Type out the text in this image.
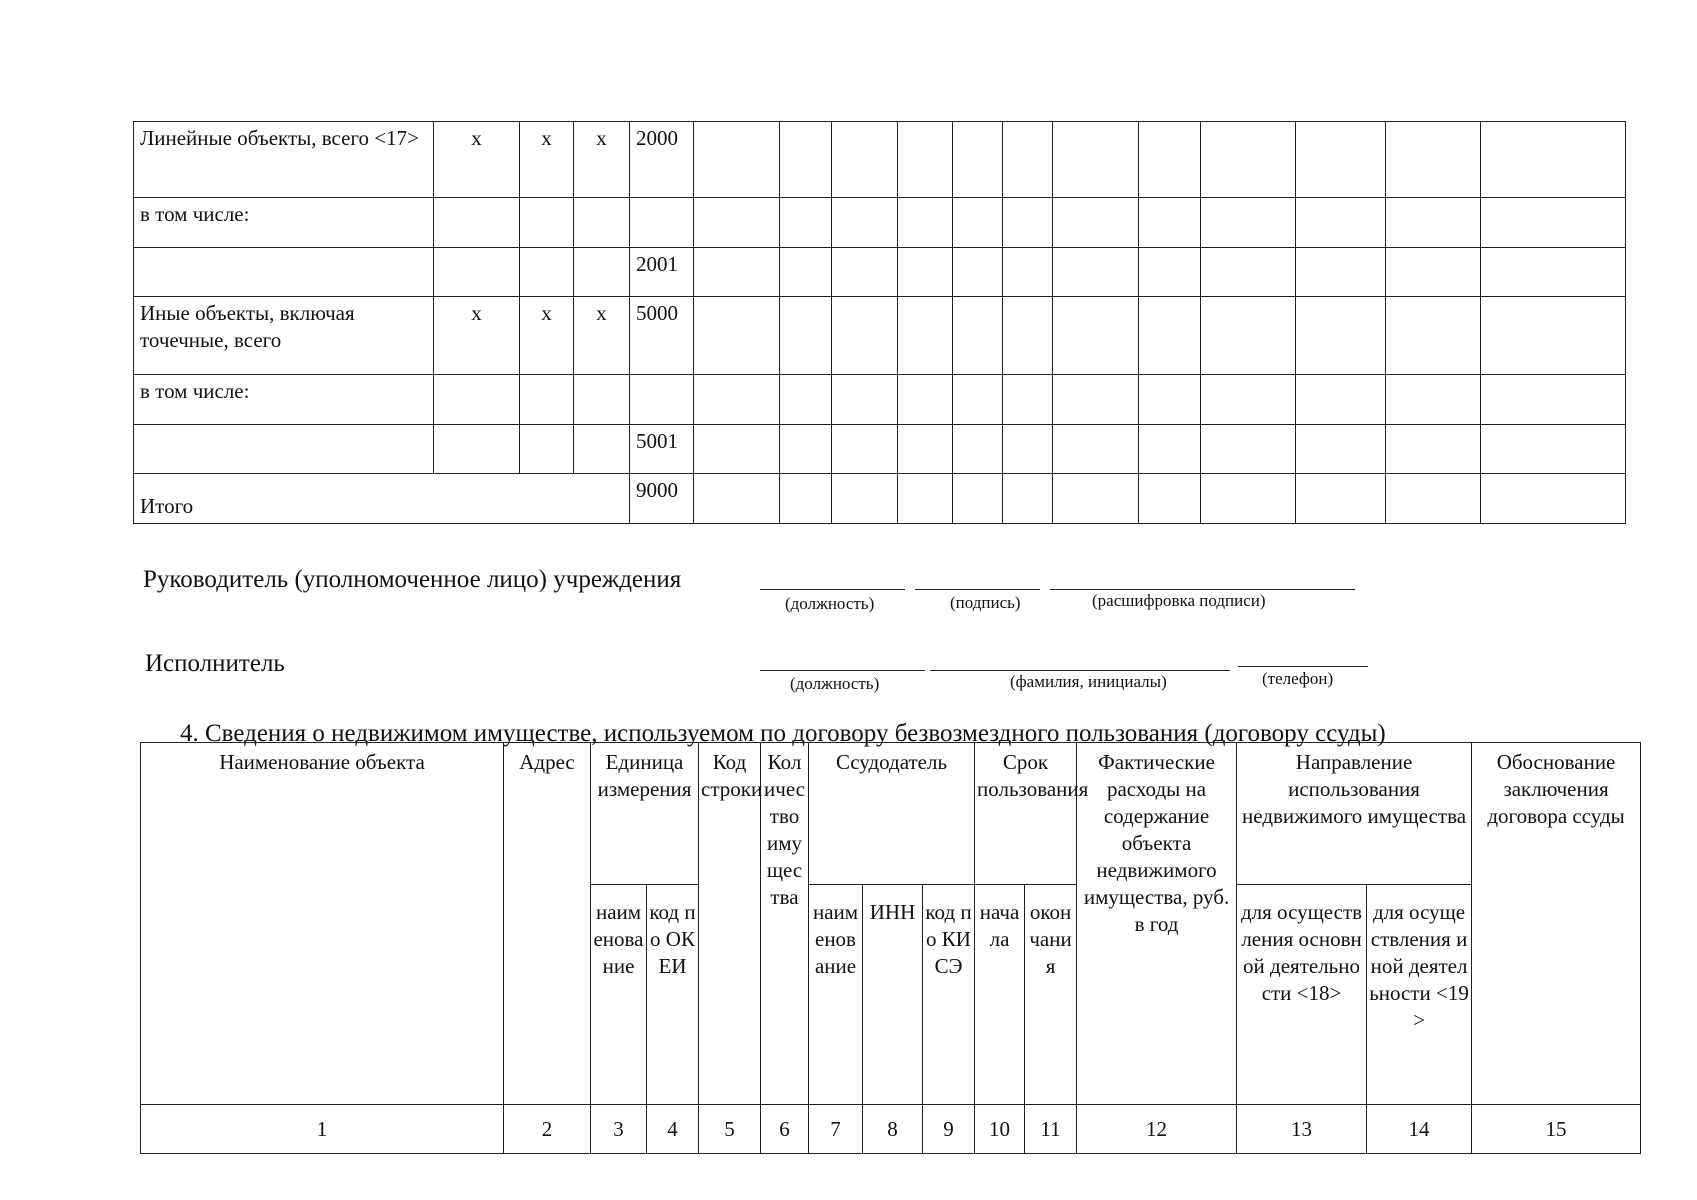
Линейные объекты, всего <17>	x	x	x	2000												
в том числе:																
				2001												
Иные объекты, включая точечные, всего	x	x	x	5000												
в том числе:																
				5001												
Итого				9000												
Руководитель (уполномоченное лицо) учреждения
(должность)	(подпись)	(расшифровка подписи)
Исполнитель
(должность)	(фамилия, инициалы)	(телефон)
4. Сведения о недвижимом имуществе, используемом по договору безвозмездного пользования (договору ссуды)
Наименование объекта	Адрес	Единица измерения		Код строки	Количество имущества	Ссудодатель			Срок пользования		Фактические расходы на содержание объекта недвижимого имущества, руб. в год	Направление использования недвижимого имущества		Обоснование заключения договора ссуды
		наименование	код по ОКЕИ			наименование	ИНН	код по КИСЭ	начала	окончания		для осуществления основной деятельности <18>	для осуществления иной деятельности <19>	
1	2	3	4	5	6	7	8	9	10	11	12	13	14	15
